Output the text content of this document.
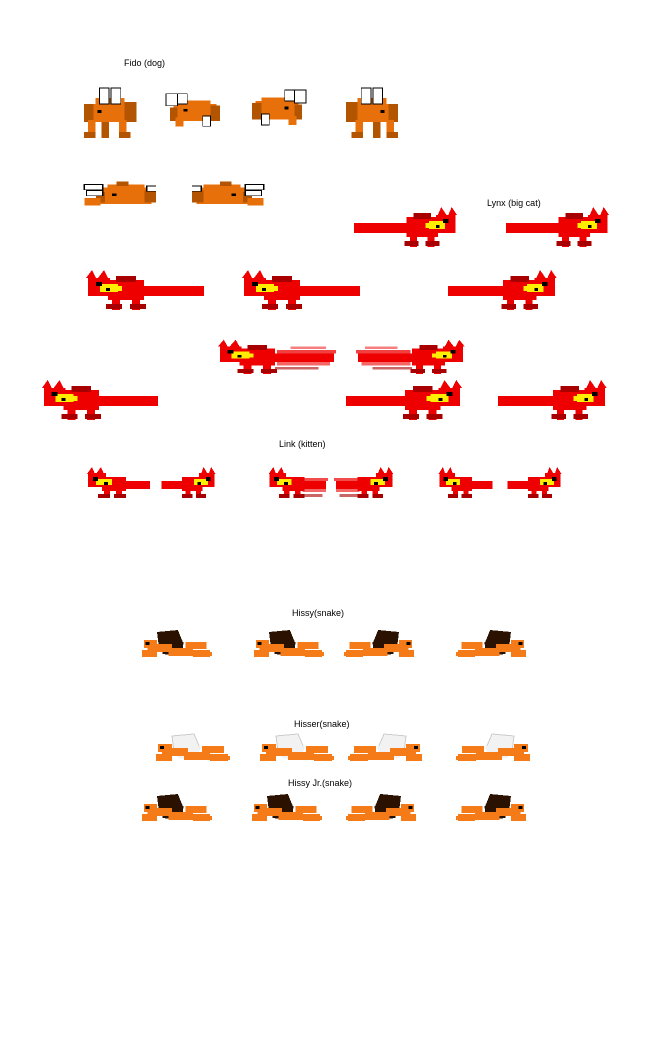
Fido (dog)
Lynx (big cat)
Link (kitten)
Hissy(snake)
Hisser(snake)
Hissy Jr.(snake)
